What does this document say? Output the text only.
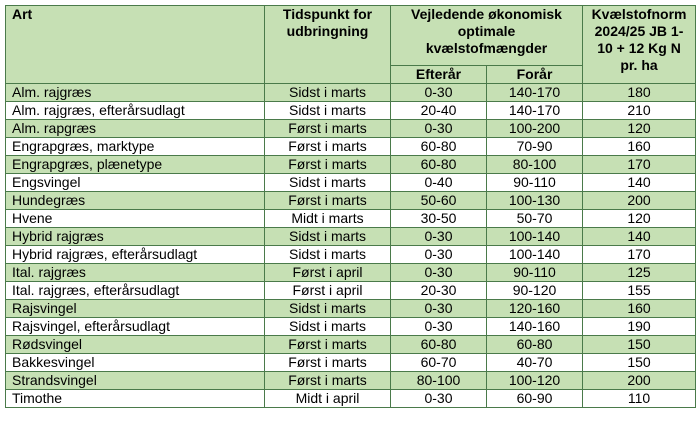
Art	Tidspunkt for udbringning	Vejledende økonomisk optimale kvælstofmængder		Kvælstofnorm 2024/25 JB 1-10 + 12 Kg N pr. ha
		Efterår	Forår	
Alm. rajgræs	Sidst i marts	0-30	140-170	180
Alm. rajgræs, efterårsudlagt	Sidst i marts	20-40	140-170	210
Alm. rapgræs	Først i marts	0-30	100-200	120
Engrapgræs, marktype	Først i marts	60-80	70-90	160
Engrapgræs, plænetype	Først i marts	60-80	80-100	170
Engsvingel	Sidst i marts	0-40	90-110	140
Hundegræs	Først i marts	50-60	100-130	200
Hvene	Midt i marts	30-50	50-70	120
Hybrid rajgræs	Sidst i marts	0-30	100-140	140
Hybrid rajgræs, efterårsudlagt	Sidst i marts	0-30	100-140	170
Ital. rajgræs	Først i april	0-30	90-110	125
Ital. rajgræs, efterårsudlagt	Først i april	20-30	90-120	155
Rajsvingel	Sidst i marts	0-30	120-160	160
Rajsvingel, efterårsudlagt	Sidst i marts	0-30	140-160	190
Rødsvingel	Først i marts	60-80	60-80	150
Bakkesvingel	Først i marts	60-70	40-70	150
Strandsvingel	Først i marts	80-100	100-120	200
Timothe	Midt i april	0-30	60-90	110
